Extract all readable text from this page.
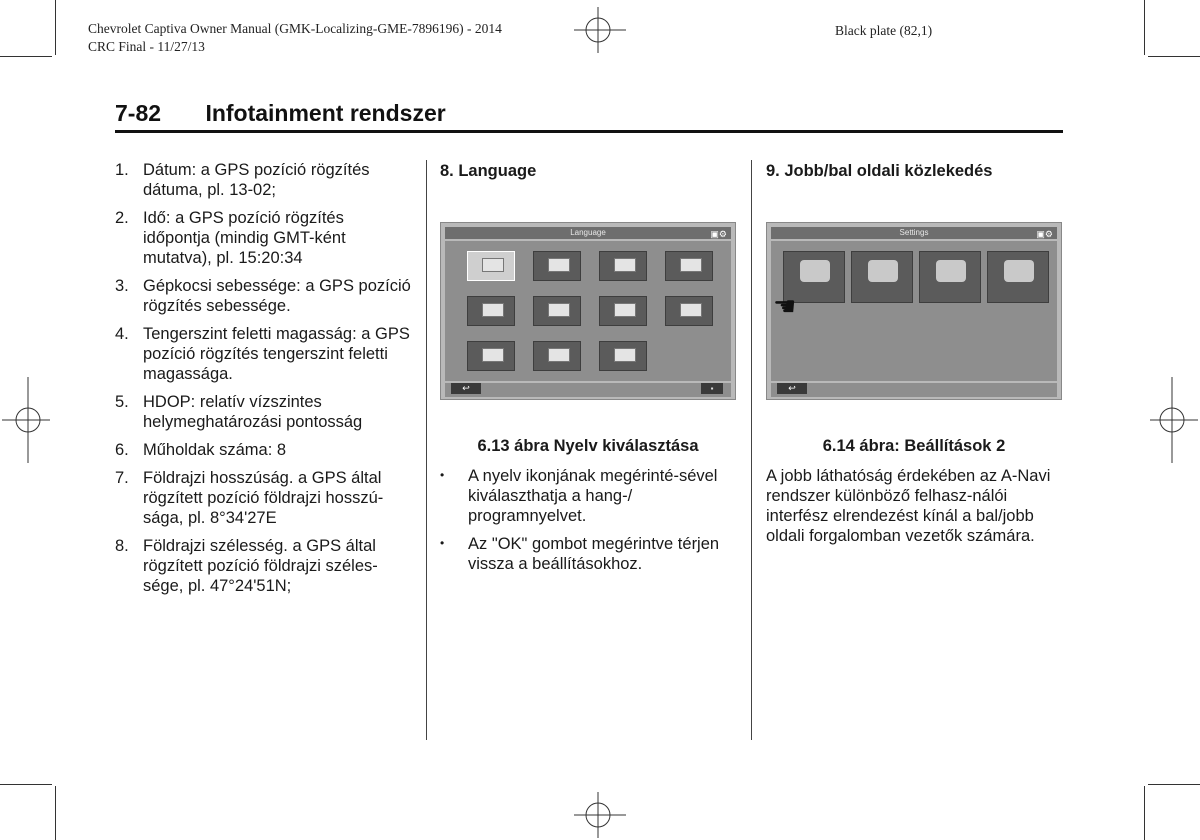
Chevrolet Captiva Owner Manual (GMK-Localizing-GME-7896196) - 2014
CRC Final - 11/27/13
Black plate (82,1)
7-82 Infotainment rendszer
1. Dátum: a GPS pozíció rögzítés dátuma, pl. 13-02;
2. Idő: a GPS pozíció rögzítés időpontja (mindig GMT-ként mutatva), pl. 15:20:34
3. Gépkocsi sebessége: a GPS pozíció rögzítés sebessége.
4. Tengerszint feletti magasság: a GPS pozíció rögzítés tengerszint feletti magassága.
5. HDOP: relatív vízszintes helymeghatározási pontosság
6. Műholdak száma: 8
7. Földrajzi hosszúság. a GPS által rögzített pozíció földrajzi hosszú-sága, pl. 8°34'27E
8. Földrajzi szélesség. a GPS által rögzített pozíció földrajzi széles-sége, pl. 47°24'51N;
8. Language
Language	▣⚙
↩	▪
6.13 ábra Nyelv kiválasztása
•	A nyelv ikonjának megérinté-sével kiválaszthatja a hang-/ programnyelvet.
•	Az "OK" gombot megérintve térjen vissza a beállításokhoz.
9. Jobb/bal oldali közlekedés
Settings	▣⚙
☚
↩
6.14 ábra: Beállítások 2
A jobb láthatóság érdekében az A-Navi rendszer különböző felhasz-nálói interfész elrendezést kínál a bal/jobb oldali forgalomban vezetők számára.
